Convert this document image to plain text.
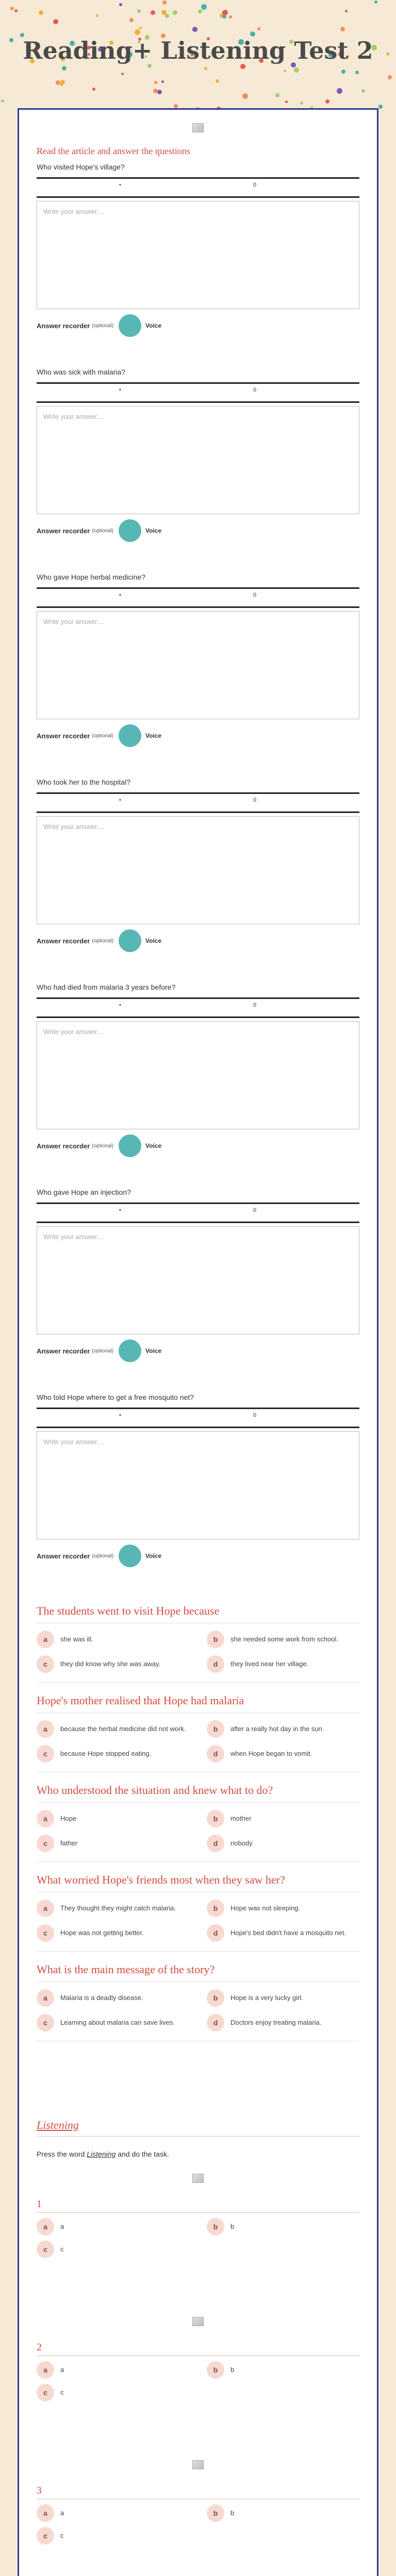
Reading+ Listening Test 2
Read the article and answer the questions
Who visited Hope's village?
•	0
Write your answer....
Answer recorder (optional)	Voice
Who was sick with malaria?
•	0
Write your answer....
Answer recorder (optional)	Voice
Who gave Hope herbal medicine?
•	0
Write your answer....
Answer recorder (optional)	Voice
Who took her to the hospital?
•	0
Write your answer....
Answer recorder (optional)	Voice
Who had died from malaria 3 years before?
•	0
Write your answer....
Answer recorder (optional)	Voice
Who gave Hope an injection?
•	0
Write your answer....
Answer recorder (optional)	Voice
Who told Hope where to get a free mosquito net?
•	0
Write your answer....
Answer recorder (optional)	Voice
The students went to visit Hope because
a	she was ill.	b	she needed some work from school.
c	they did know why she was away.	d	they lived near her village.
Hope's mother realised that Hope had malaria
a	because the herbal medicine did not work.	b	after a really hot day in the sun.
c	because Hope stopped eating.	d	when Hope began to vomit.
Who understood the situation and knew what to do?
a	Hope	b	mother
c	father	d	nobody
What worried Hope's friends most when they saw her?
a	They thought they might catch malaria.	b	Hope was not sleeping.
c	Hope was not getting better.	d	Hope's bed didn't have a mosquito net.
What is the main message of the story?
a	Malaria is a deadly disease.	b	Hope is a very lucky girl.
c	Learning about malaria can save lives.	d	Doctors enjoy treating malaria.
Listening
Press the word Listening and do the task.
1
a	a	b	b
c	c
2
a	a	b	b
c	c
3
a	a	b	b
c	c
